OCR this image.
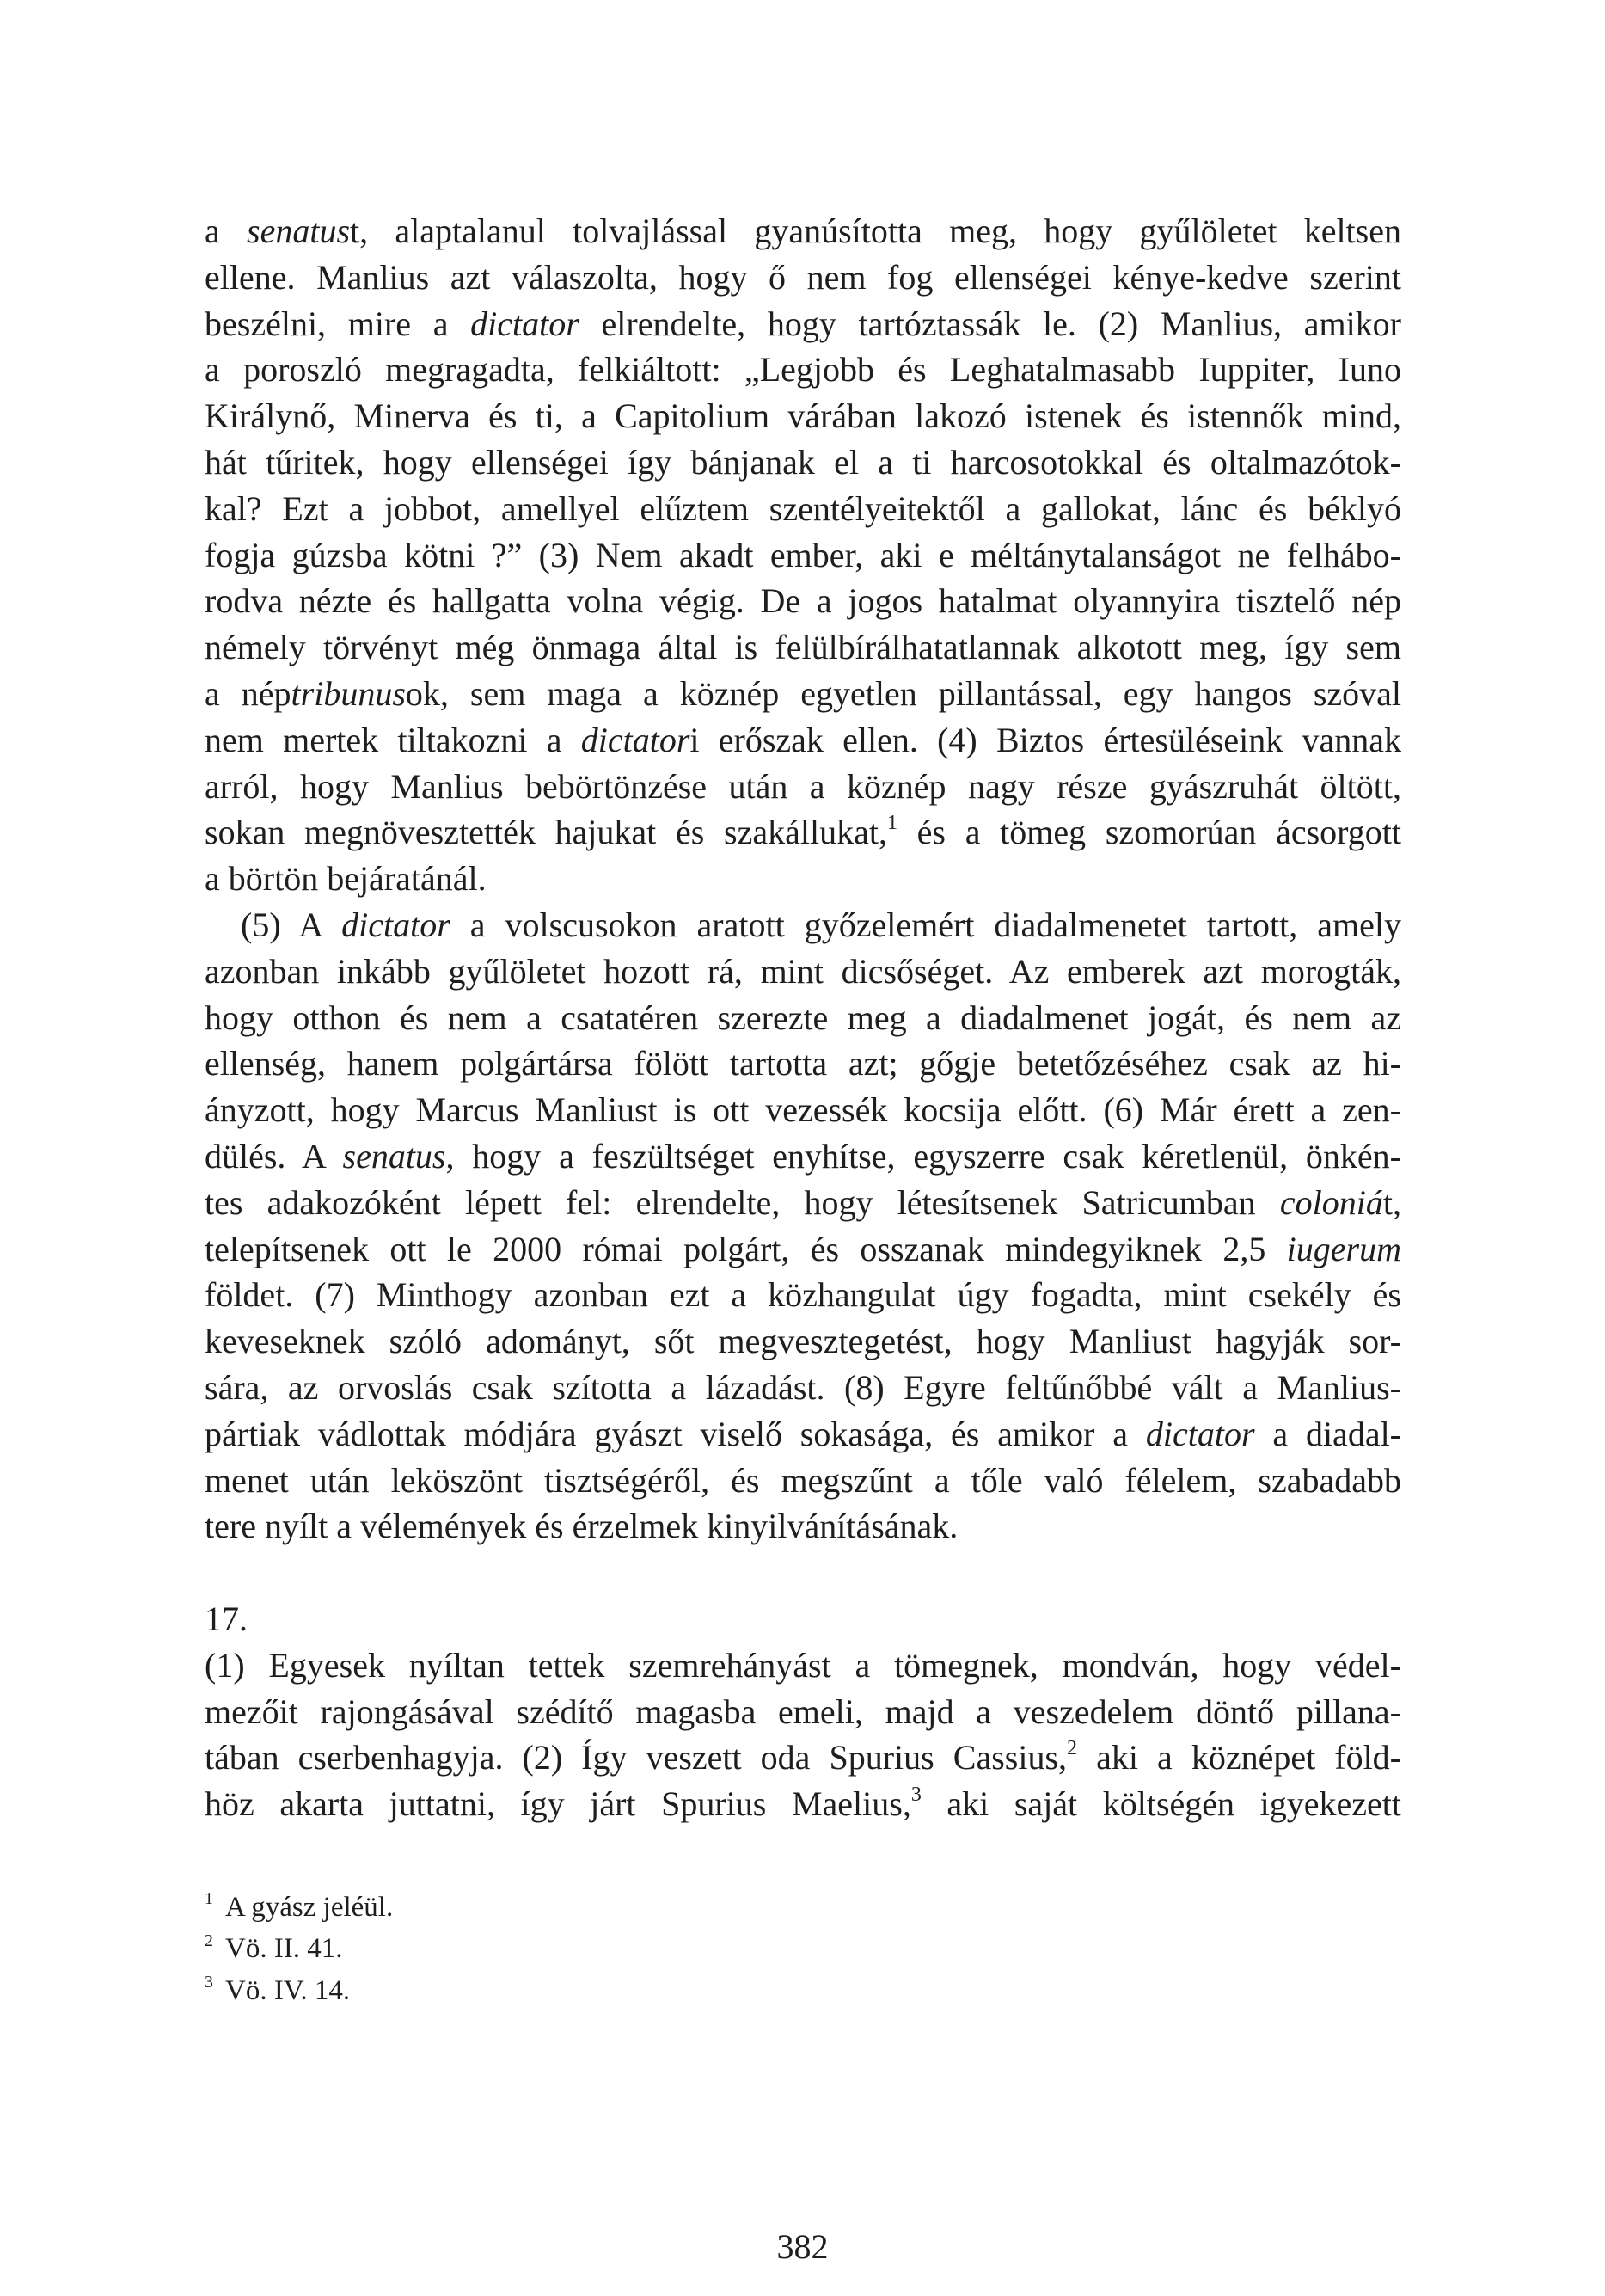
a senatust, alaptalanul tolvajlással gyanúsította meg, hogy gyűlöletet keltsen
ellene. Manlius azt válaszolta, hogy ő nem fog ellenségei kénye-kedve szerint
beszélni, mire a dictator elrendelte, hogy tartóztassák le. (2) Manlius, amikor
a poroszló megragadta, felkiáltott: „Legjobb és Leghatalmasabb Iuppiter, Iuno
Királynő, Minerva és ti, a Capitolium várában lakozó istenek és istennők mind,
hát tűritek, hogy ellenségei így bánjanak el a ti harcosotokkal és oltalmazótok-
kal? Ezt a jobbot, amellyel elűztem szentélyeitektől a gallokat, lánc és béklyó
fogja gúzsba kötni ?” (3) Nem akadt ember, aki e méltánytalanságot ne felhábo-
rodva nézte és hallgatta volna végig. De a jogos hatalmat olyannyira tisztelő nép
némely törvényt még önmaga által is felülbírálhatatlannak alkotott meg, így sem
a néptribunusok, sem maga a köznép egyetlen pillantással, egy hangos szóval
nem mertek tiltakozni a dictatori erőszak ellen. (4) Biztos értesüléseink vannak
arról, hogy Manlius bebörtönzése után a köznép nagy része gyászruhát öltött,
sokan megnövesztették hajukat és szakállukat,$^1$ és a tömeg szomorúan ácsorgott
a börtön bejáratánál.
(5) A dictator a volscusokon aratott győzelemért diadalmenetet tartott, amely
azonban inkább gyűlöletet hozott rá, mint dicsőséget. Az emberek azt morogták,
hogy otthon és nem a csatatéren szerezte meg a diadalmenet jogát, és nem az
ellenség, hanem polgártársa fölött tartotta azt; gőgje betetőzéséhez csak az hi-
ányzott, hogy Marcus Manliust is ott vezessék kocsija előtt. (6) Már érett a zen-
dülés. A senatus, hogy a feszültséget enyhítse, egyszerre csak kéretlenül, önkén-
tes adakozóként lépett fel: elrendelte, hogy létesítsenek Satricumban coloniát,
telepítsenek ott le 2000 római polgárt, és osszanak mindegyiknek 2,5 iugerum
földet. (7) Minthogy azonban ezt a közhangulat úgy fogadta, mint csekély és
keveseknek szóló adományt, sőt megvesztegetést, hogy Manliust hagyják sor-
sára, az orvoslás csak szította a lázadást. (8) Egyre feltűnőbbé vált a Manlius-
pártiak vádlottak módjára gyászt viselő sokasága, és amikor a dictator a diadal-
menet után leköszönt tisztségéről, és megszűnt a tőle való félelem, szabadabb
tere nyílt a vélemények és érzelmek kinyilvánításának.
17.
(1) Egyesek nyíltan tettek szemrehányást a tömegnek, mondván, hogy védel-
mezőit rajongásával szédítő magasba emeli, majd a veszedelem döntő pillana-
tában cserbenhagyja. (2) Így veszett oda Spurius Cassius,$^2$ aki a köznépet föld-
höz akarta juttatni, így járt Spurius Maelius,$^3$ aki saját költségén igyekezett
1 A gyász jeléül.
2 Vö. II. 41.
3 Vö. IV. 14.
382
